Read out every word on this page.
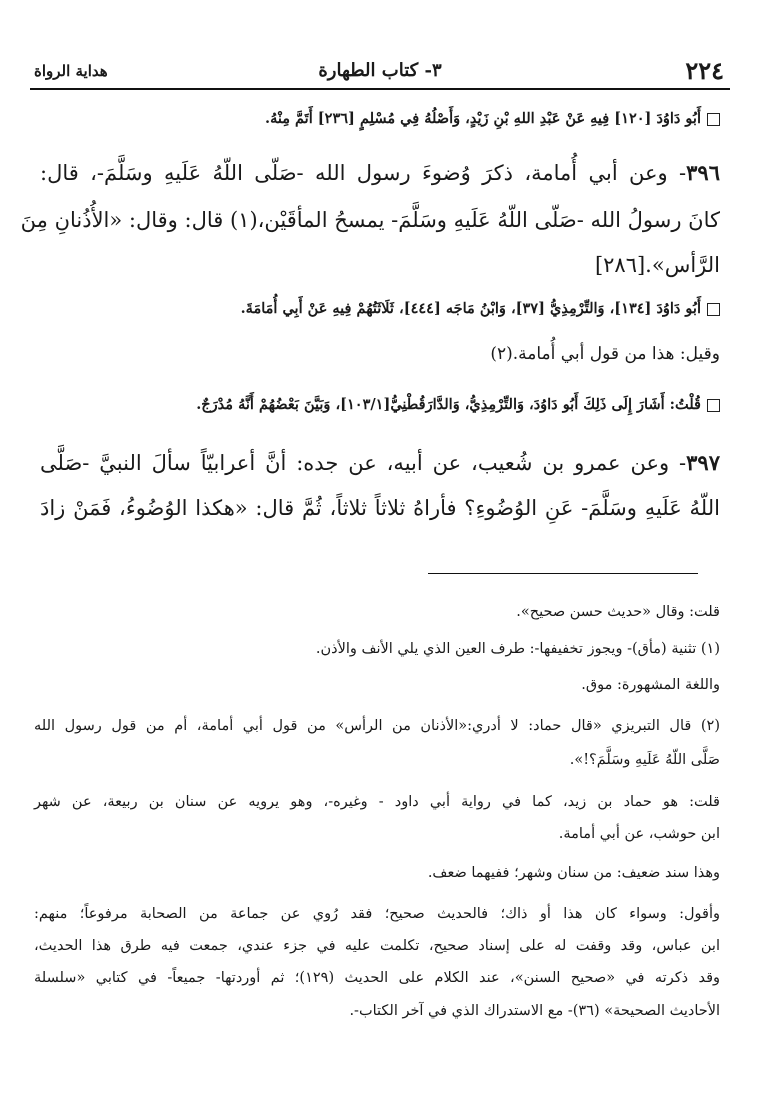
٢٢٤
٣- كتاب الطهارة
هداية الرواة
أَبُو دَاوُدَ [١٢٠] فِيهِ عَنْ عَبْدِ اللهِ بْنِ زَيْدٍ، وَأَصْلُهُ فِي مُسْلِمٍ [٢٣٦] أَتَمَّ مِنْهُ.
٣٩٦- وعن أبي أُمامة، ذكرَ وُضوءَ رسول الله -صَلّى اللّهُ عَلَيهِ وسَلَّمَ-، قال:
كانَ رسولُ الله -صَلّى اللّهُ عَلَيهِ وسَلَّمَ- يمسحُ المأقَيْن،(١) قال: وقال: «الأُذُنانِ مِنَ
الرَّأس».[٢٨٦]
أَبُو دَاوُدَ [١٣٤]، وَالتِّرْمِذِيُّ [٣٧]، وَابْنُ مَاجَه [٤٤٤]، ثَلَاثَتُهُمْ فِيهِ عَنْ أَبِي أُمَامَةَ.
وقيل: هذا من قول أبي أُمامة.(٢)
قُلْتُ: أَشَارَ إِلَى ذَلِكَ أَبُو دَاوُدَ، وَالتِّرْمِذِيُّ، وَالدَّارَقُطْنِيُّ[١٠٣/١]، وَبَيَّنَ بَعْضُهُمْ أَنَّهُ مُدْرَجٌ.
٣٩٧- وعن عمرو بن شُعيب، عن أبيه، عن جده: أنَّ أعرابيّاً سألَ النبيَّ -صَلَّى
اللّهُ عَلَيهِ وسَلَّمَ- عَنِ الوُضُوءِ؟ فأراهُ ثلاثاً ثلاثاً، ثُمَّ قال: «هكذا الوُضُوءُ، فَمَنْ زادَ
قلت: وقال «حديث حسن صحيح».
(١) تثنية (مأق)- ويجوز تخفيفها-: طرف العين الذي يلي الأنف والأذن.
واللغة المشهورة: موق.
(٢) قال التبريزي «قال حماد: لا أدري:«الأذنان من الرأس» من قول أبي أمامة، أم من قول رسول الله
صَلَّى اللّهُ عَلَيهِ وسَلَّمَ؟!».
قلت: هو حماد بن زيد، كما في رواية أبي داود - وغيره-، وهو يرويه عن سنان بن ربيعة، عن شهر
ابن حوشب، عن أبي أمامة.
وهذا سند ضعيف: من سنان وشهر؛ ففيهما ضعف.
وأقول: وسواء كان هذا أو ذاك؛ فالحديث صحيح؛ فقد رُوي عن جماعة من الصحابة مرفوعاً؛ منهم:
ابن عباس، وقد وقفت له على إسناد صحيح، تكلمت عليه في جزء عندي، جمعت فيه طرق هذا الحديث،
وقد ذكرته في «صحيح السنن»، عند الكلام على الحديث (١٢٩)؛ ثم أوردتها- جميعاً- في كتابي «سلسلة
الأحاديث الصحيحة» (٣٦)- مع الاستدراك الذي في آخر الكتاب-.
